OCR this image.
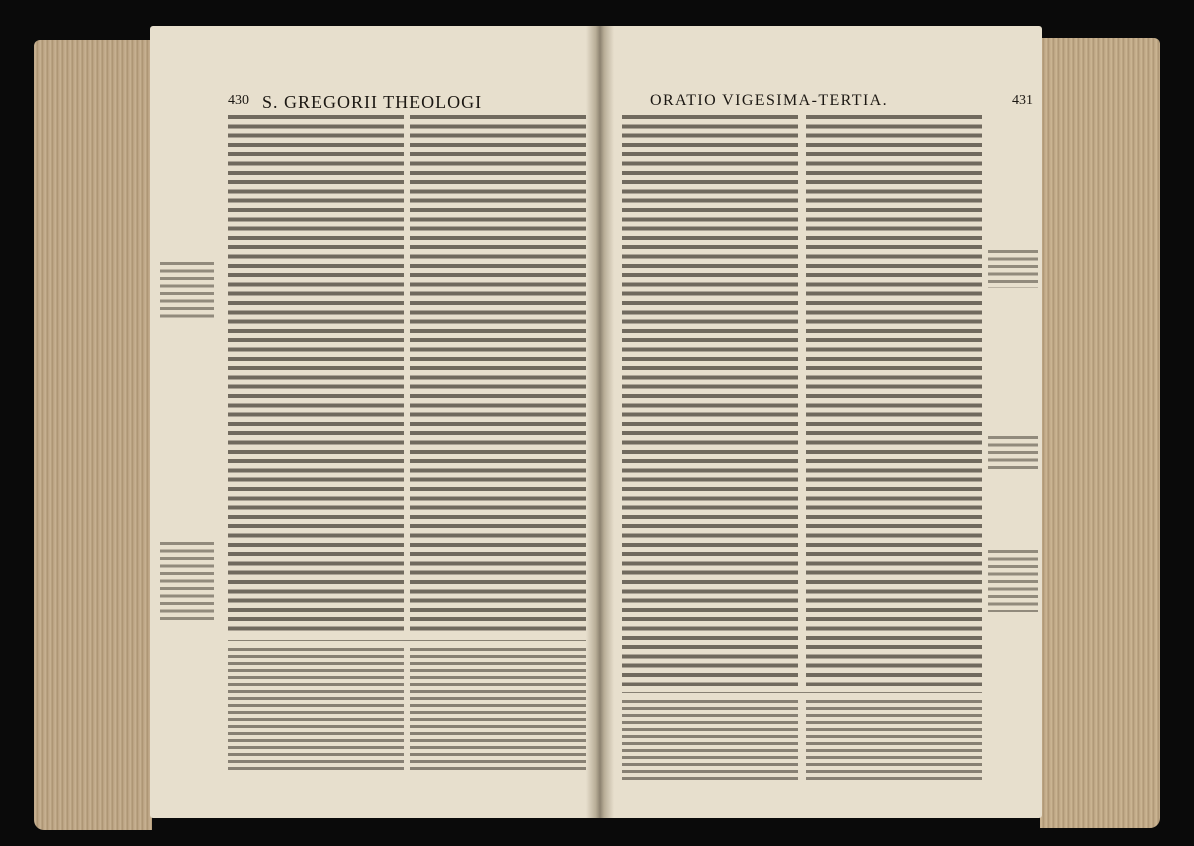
430 S. GREGORII THEOLOGI	ORATIO VIGESIMA-TERTIA.	431
